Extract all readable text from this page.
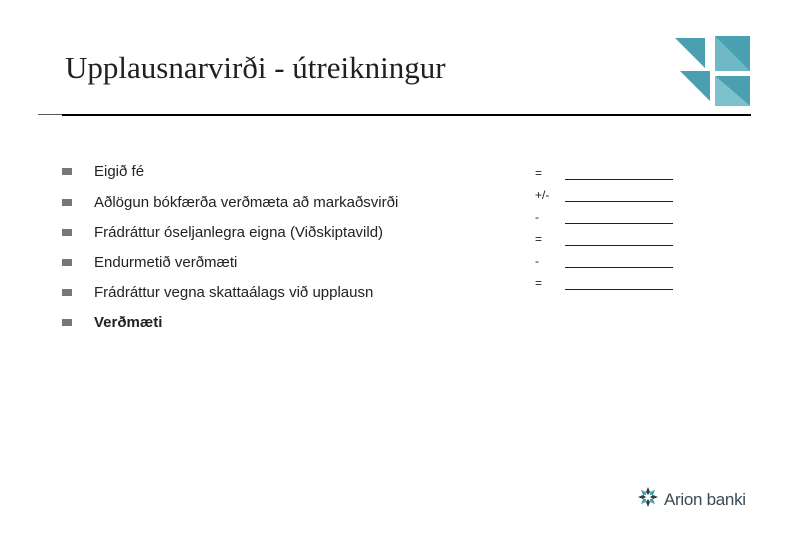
Upplausnarvirði - útreikningur
Eigið fé
Aðlögun bókfærða verðmæta að markaðsvirði
Frádráttur óseljanlegra eigna (Viðskiptavild)
Endurmetið verðmæti
Frádráttur vegna skattaálags við upplausn
Verðmæti
=
+/-
-
=
-
=
Arion banki
